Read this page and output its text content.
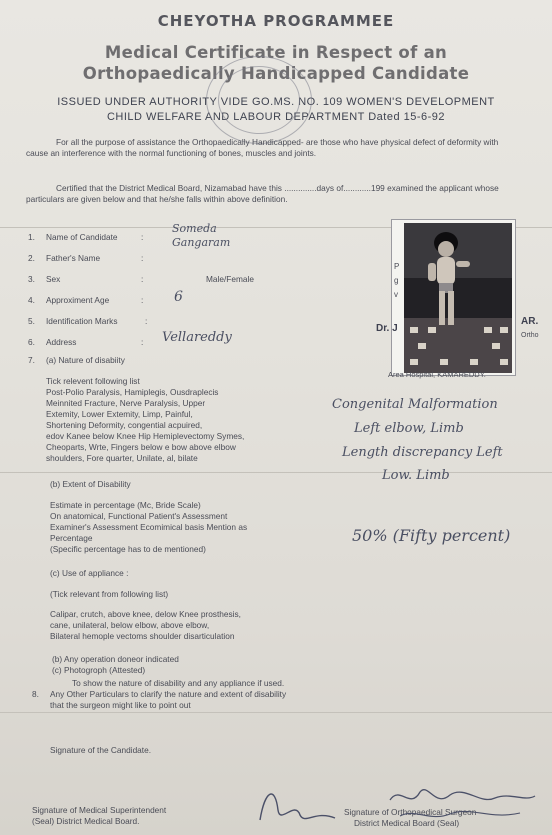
CHEYOTHA PROGRAMMEE
Medical Certificate in Respect of an
Orthopaedically Handicapped Candidate
ISSUED UNDER AUTHORITY VIDE GO.MS. NO. 109 WOMEN'S DEVELOPMENT
CHILD WELFARE AND LABOUR DEPARTMENT Dated 15-6-92
For all the purpose of assistance the Orthopaedically Handicapped- are those who have physical defect of deformity with cause an interference with the normal functioning of bones, muscles and joints.
Certified that the District Medical Board, Nizamabad have this ..............days of............199 examined the applicant whose particulars are given below and that he/she falls within above definition.
1. Name of Candidate	:
Someda Gangaram
2. Father's Name	:
3. Sex	:	Male/Female
4. Approximent Age	: 6
5. Identification Marks	:
6. Address	: Vellareddy
P g v
Dr. J
AR.
Ortho
Area Hospital, KAMAREDDY.
7. (a) Nature of disabiity
Tick relevent following list
Post-Polio Paralysis, Hamiplegis, Ousdraplecis
Meinnited Fracture, Nerve Paralysis, Upper
Extemity, Lower Extemity, Limp, Painful,
Shortening Deformity, congential acpuired,
edov Kanee below Knee Hip Hemiplevectomy Symes,
Cheoparts, Wrte, Fingers below e bow above elbow
shoulders, Fore quarter, Unilate, al, bilate
Congenital Malformation
Left elbow, Limb
Length discrepancy Left
Low. Limb
(b) Extent of Disability
Estimate in percentage (Mc, Bride Scale)
On anatomical, Functional Patient's Assessment
Examiner's Assessment Ecomimical basis Mention as
Percentage
(Specific percentage has to de mentioned)
50% (Fifty percent)
(c) Use of appliance :
(Tick relevant from following list)
Calipar, crutch, above knee, delow Knee prosthesis,
cane, unilateral, below elbow, above elbow,
Bilateral hemople vectoms shoulder disarticulation
(b) Any operation doneor indicated
(c) Photogroph (Attested)
To show the nature of disability and any appliance if used.
8. Any Other Particulars to clarify the nature and extent of disability
that the surgeon might like to point out
Signature of the Candidate.
Signature of Medical Superintendent
(Seal) District Medical Board.
Signature of Orthopaedical Surgeon
District Medical Board (Seal)
